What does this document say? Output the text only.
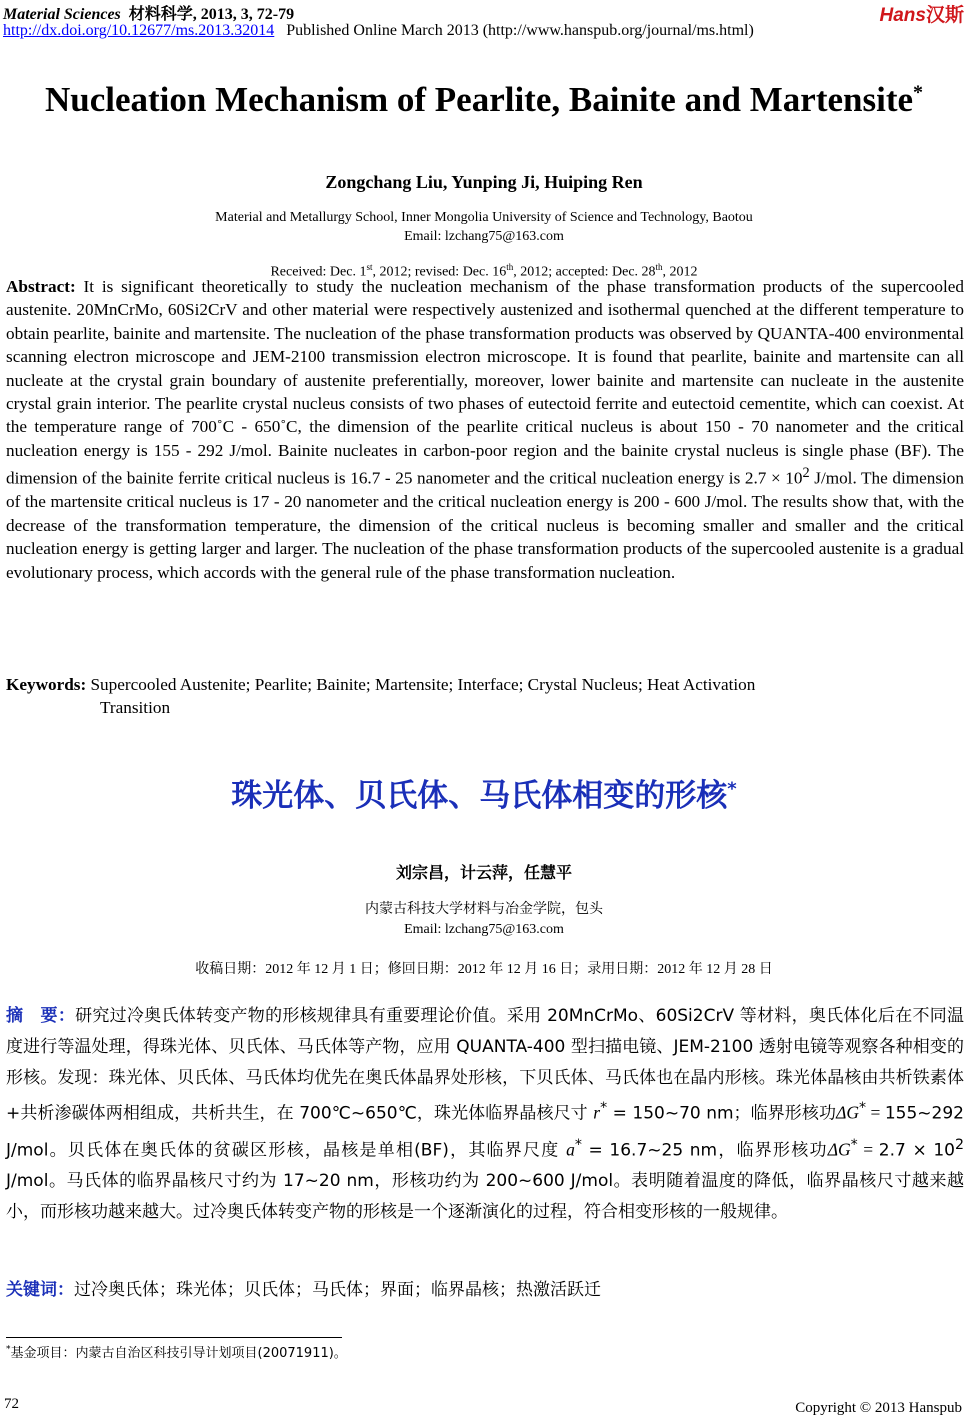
Material Sciences 材料科学, 2013, 3, 72-79
http://dx.doi.org/10.12677/ms.2013.32014 Published Online March 2013 (http://www.hanspub.org/journal/ms.html)
Hans汉斯
Nucleation Mechanism of Pearlite, Bainite and Martensite*
Zongchang Liu, Yunping Ji, Huiping Ren
Material and Metallurgy School, Inner Mongolia University of Science and Technology, Baotou
Email: lzchang75@163.com
Received: Dec. 1st, 2012; revised: Dec. 16th, 2012; accepted: Dec. 28th, 2012
Abstract: It is significant theoretically to study the nucleation mechanism of the phase transformation products of the supercooled austenite. 20MnCrMo, 60Si2CrV and other material were respectively austenized and isothermal quenched at the different temperature to obtain pearlite, bainite and martensite. The nucleation of the phase transformation products was observed by QUANTA-400 environmental scanning electron microscope and JEM-2100 transmission electron microscope. It is found that pearlite, bainite and martensite can all nucleate at the crystal grain boundary of austenite preferentially, moreover, lower bainite and martensite can nucleate in the austenite crystal grain interior. The pearlite crystal nucleus consists of two phases of eutectoid ferrite and eutectoid cementite, which can coexist. At the temperature range of 700˚C - 650˚C, the dimension of the pearlite critical nucleus is about 150 - 70 nanometer and the critical nucleation energy is 155 - 292 J/mol. Bainite nucleates in carbon-poor region and the bainite crystal nucleus is single phase (BF). The dimension of the bainite ferrite critical nucleus is 16.7 - 25 nanometer and the critical nucleation energy is $2.7 \times 10^2$ J/mol. The dimension of the martensite critical nucleus is 17 - 20 nanometer and the critical nucleation energy is 200 - 600 J/mol. The results show that, with the decrease of the transformation temperature, the dimension of the critical nucleus is becoming smaller and smaller and the critical nucleation energy is getting larger and larger. The nucleation of the phase transformation products of the supercooled austenite is a gradual evolutionary process, which accords with the general rule of the phase transformation nucleation.
Keywords: Supercooled Austenite; Pearlite; Bainite; Martensite; Interface; Crystal Nucleus; Heat Activation
Transition
珠光体、贝氏体、马氏体相变的形核*
刘宗昌，计云萍，任慧平
内蒙古科技大学材料与冶金学院，包头
Email: lzchang75@163.com
收稿日期：2012 年 12 月 1 日；修回日期：2012 年 12 月 16 日；录用日期：2012 年 12 月 28 日
摘　要：研究过冷奥氏体转变产物的形核规律具有重要理论价值。采用 20MnCrMo、60Si2CrV 等材料，奥氏体化后在不同温度进行等温处理，得珠光体、贝氏体、马氏体等产物，应用 QUANTA-400 型扫描电镜、JEM-2100 透射电镜等观察各种相变的形核。发现：珠光体、贝氏体、马氏体均优先在奥氏体晶界处形核，下贝氏体、马氏体也在晶内形核。珠光体晶核由共析铁素体+共析渗碳体两相组成，共析共生，在 700℃~650℃，珠光体临界晶核尺寸 r* = 150~70 nm；临界形核功ΔG* = 155~292 J/mol。贝氏体在奥氏体的贫碳区形核，晶核是单相(BF)，其临界尺度 a* = 16.7~25 nm，临界形核功$\Delta G^* = 2.7 \times 10^2$ J/mol。马氏体的临界晶核尺寸约为 17~20 nm，形核功约为 200~600 J/mol。表明随着温度的降低，临界晶核尺寸越来越小，而形核功越来越大。过冷奥氏体转变产物的形核是一个逐渐演化的过程，符合相变形核的一般规律。
关键词：过冷奥氏体；珠光体；贝氏体；马氏体；界面；临界晶核；热激活跃迁
*基金项目：内蒙古自治区科技引导计划项目(20071911)。
72	Copyright © 2013 Hanspub
